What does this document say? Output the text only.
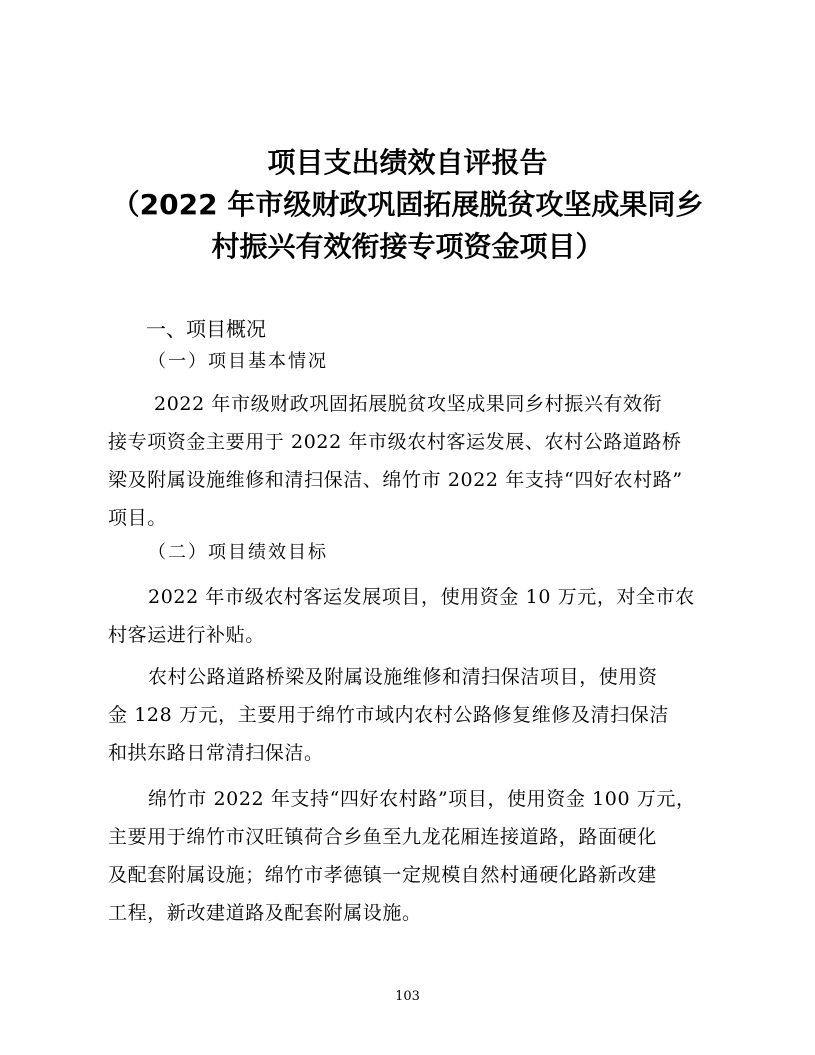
项目支出绩效自评报告
（2022 年市级财政巩固拓展脱贫攻坚成果同乡
村振兴有效衔接专项资金项目）
一、项目概况
（一）项目基本情况
2022 年市级财政巩固拓展脱贫攻坚成果同乡村振兴有效衔
接专项资金主要用于 2022 年市级农村客运发展、农村公路道路桥
梁及附属设施维修和清扫保洁、绵竹市 2022 年支持“四好农村路”
项目。
（二）项目绩效目标
2022 年市级农村客运发展项目，使用资金 10 万元，对全市农
村客运进行补贴。
农村公路道路桥梁及附属设施维修和清扫保洁项目，使用资
金 128 万元，主要用于绵竹市域内农村公路修复维修及清扫保洁
和拱东路日常清扫保洁。
绵竹市 2022 年支持“四好农村路”项目，使用资金 100 万元，
主要用于绵竹市汉旺镇荷合乡鱼至九龙花厢连接道路，路面硬化
及配套附属设施；绵竹市孝德镇一定规模自然村通硬化路新改建
工程，新改建道路及配套附属设施。
103
